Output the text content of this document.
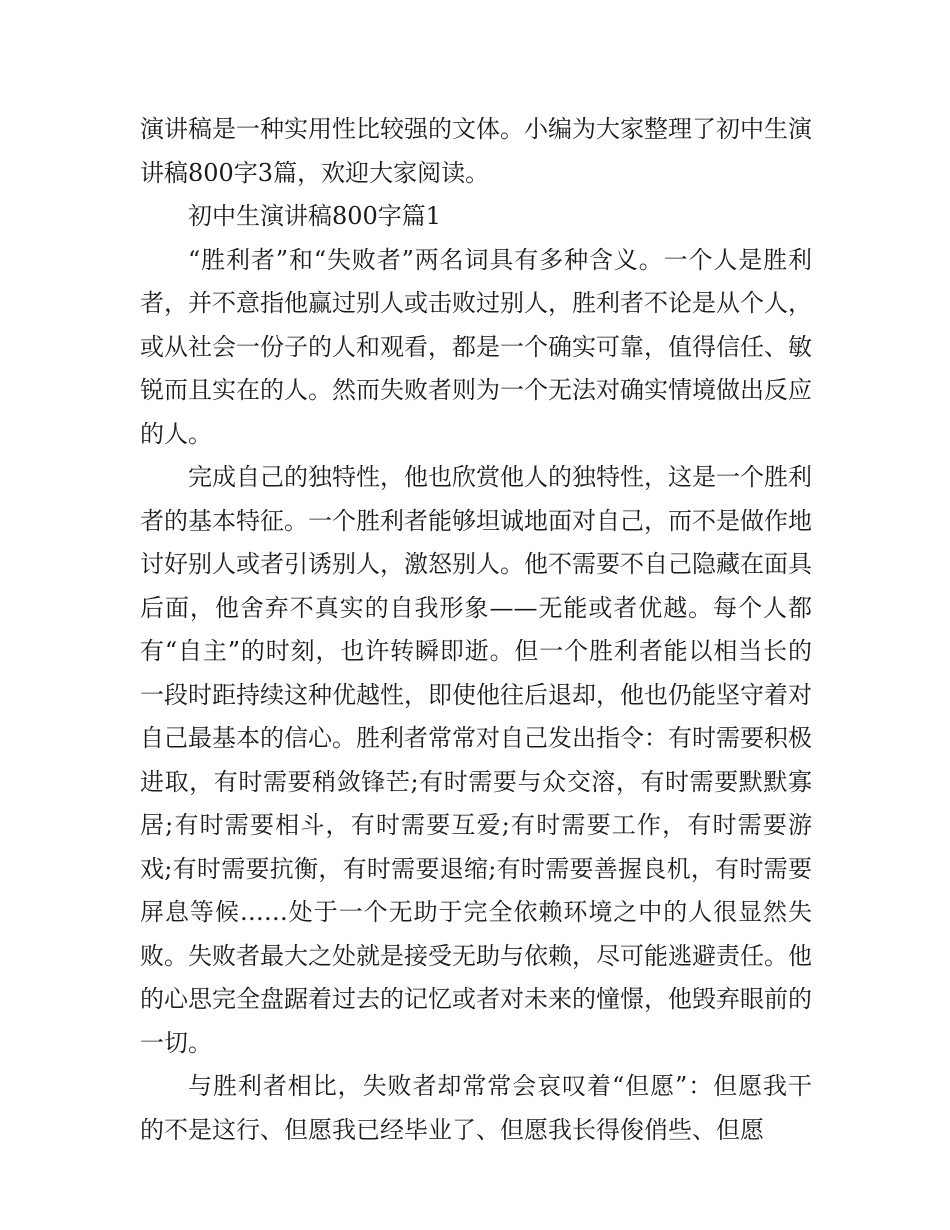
演讲稿是一种实用性比较强的文体。小编为大家整理了初中生演讲稿800字3篇，欢迎大家阅读。

初中生演讲稿800字篇1

“胜利者”和“失败者”两名词具有多种含义。一个人是胜利者，并不意指他赢过别人或击败过别人，胜利者不论是从个人，或从社会一份子的人和观看，都是一个确实可靠，值得信任、敏锐而且实在的人。然而失败者则为一个无法对确实情境做出反应的人。

完成自己的独特性，他也欣赏他人的独特性，这是一个胜利者的基本特征。一个胜利者能够坦诚地面对自己，而不是做作地讨好别人或者引诱别人，激怒别人。他不需要不自己隐藏在面具后面，他舍弃不真实的自我形象——无能或者优越。每个人都有“自主”的时刻，也许转瞬即逝。但一个胜利者能以相当长的一段时距持续这种优越性，即使他往后退却，他也仍能坚守着对自己最基本的信心。胜利者常常对自己发出指令：有时需要积极进取，有时需要稍敛锋芒;有时需要与众交溶，有时需要默默寡居;有时需要相斗，有时需要互爱;有时需要工作，有时需要游戏;有时需要抗衡，有时需要退缩;有时需要善握良机，有时需要屏息等候……处于一个无助于完全依赖环境之中的人很显然失败。失败者最大之处就是接受无助与依赖，尽可能逃避责任。他的心思完全盘踞着过去的记忆或者对未来的憧憬，他毁弃眼前的一切。

与胜利者相比，失败者却常常会哀叹着“但愿”：但愿我干的不是这行、但愿我已经毕业了、但愿我长得俊俏些、但愿
